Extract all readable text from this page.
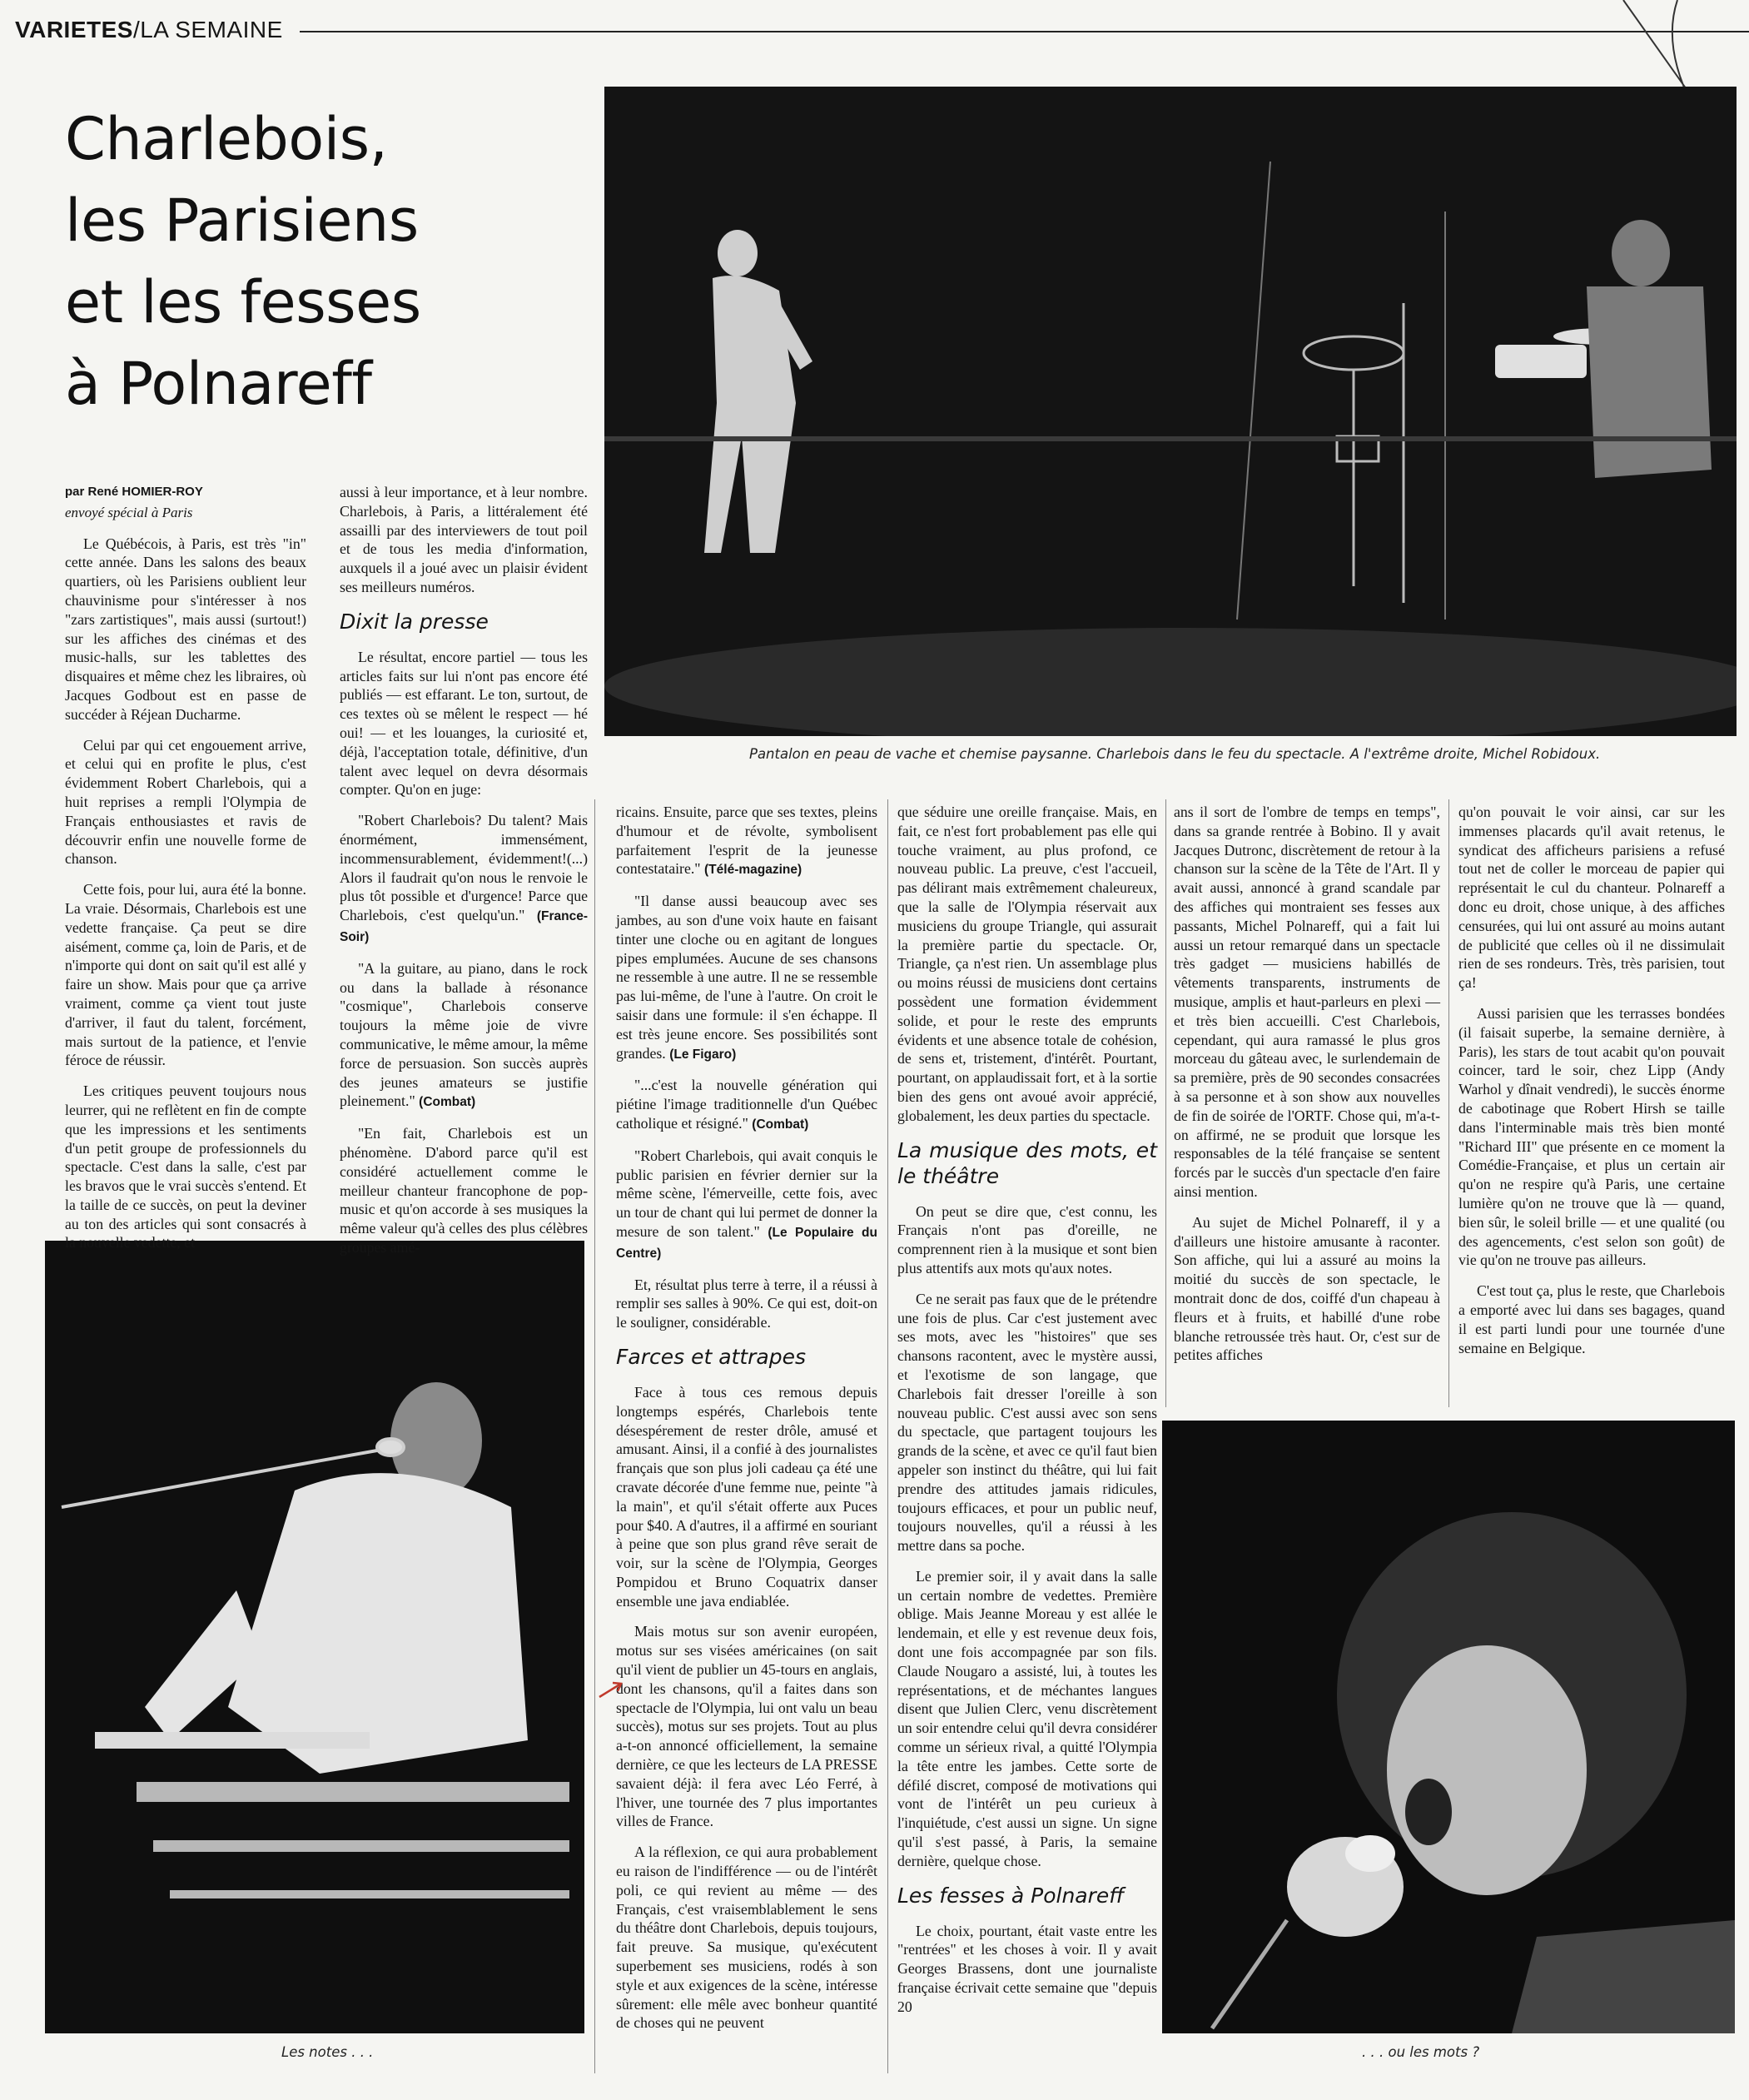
VARIETES/LA SEMAINE
Charlebois,
les Parisiens
et les fesses
à Polnareff
Pantalon en peau de vache et chemise paysanne. Charlebois dans le feu du spectacle. A l'extrême droite, Michel Robidoux.
Les notes . . .	. . . ou les mots ?
par René HOMIER-ROY
envoyé spécial à Paris

Le Québécois, à Paris, est très "in" cette année. Dans les salons des beaux quartiers, où les Parisiens oublient leur chauvinisme pour s'intéresser à nos "zars zartistiques", mais aussi (surtout!) sur les affiches des cinémas et des music-halls, sur les tablettes des disquaires et même chez les libraires, où Jacques Godbout est en passe de succéder à Réjean Ducharme.

Celui par qui cet engouement arrive, et celui qui en profite le plus, c'est évidemment Robert Charlebois, qui a huit reprises a rempli l'Olympia de Français enthousiastes et ravis de découvrir enfin une nouvelle forme de chanson.

Cette fois, pour lui, aura été la bonne. La vraie. Désormais, Charlebois est une vedette française. Ça peut se dire aisément, comme ça, loin de Paris, et de n'importe qui dont on sait qu'il est allé y faire un show. Mais pour que ça arrive vraiment, comme ça vient tout juste d'arriver, il faut du talent, forcément, mais surtout de la patience, et l'envie féroce de réussir.

Les critiques peuvent toujours nous leurrer, qui ne reflètent en fin de compte que les impressions et les sentiments d'un petit groupe de professionnels du spectacle. C'est dans la salle, c'est par les bravos que le vrai succès s'entend. Et la taille de ce succès, on peut la deviner au ton des articles qui sont consacrés à la nouvelle vedette, et

aussi à leur importance, et à leur nombre. Charlebois, à Paris, a littéralement été assailli par des interviewers de tout poil et de tous les media d'information, auxquels il a joué avec un plaisir évident ses meilleurs numéros.

Dixit la presse

Le résultat, encore partiel — tous les articles faits sur lui n'ont pas encore été publiés — est effarant. Le ton, surtout, de ces textes où se mêlent le respect — hé oui! — et les louanges, la curiosité et, déjà, l'acceptation totale, définitive, d'un talent avec lequel on devra désormais compter. Qu'on en juge:

"Robert Charlebois? Du talent? Mais énormément, immensément, incommensurablement, évidemment!(...) Alors il faudrait qu'on nous le renvoie le plus tôt possible et d'urgence! Parce que Charlebois, c'est quelqu'un." (France-Soir)

"A la guitare, au piano, dans le rock ou dans la ballade à résonance "cosmique", Charlebois conserve toujours la même joie de vivre communicative, le même amour, la même force de persuasion. Son succès auprès des jeunes amateurs se justifie pleinement." (Combat)

"En fait, Charlebois est un phénomène. D'abord parce qu'il est considéré actuellement comme le meilleur chanteur francophone de pop-music et qu'on accorde à ses musiques la même valeur qu'à celles des plus célèbres groupes amé-

ricains. Ensuite, parce que ses textes, pleins d'humour et de révolte, symbolisent parfaitement l'esprit de la jeunesse contestataire." (Télé-magazine)

"Il danse aussi beaucoup avec ses jambes, au son d'une voix haute en faisant tinter une cloche ou en agitant de longues pipes emplumées. Aucune de ses chansons ne ressemble à une autre. Il ne se ressemble pas lui-même, de l'une à l'autre. On croit le saisir dans une formule: il s'en échappe. Il est très jeune encore. Ses possibilités sont grandes. (Le Figaro)

"...c'est la nouvelle génération qui piétine l'image traditionnelle d'un Québec catholique et résigné." (Combat)

"Robert Charlebois, qui avait conquis le public parisien en février dernier sur la même scène, l'émerveille, cette fois, avec un tour de chant qui lui permet de donner la mesure de son talent." (Le Populaire du Centre)

Et, résultat plus terre à terre, il a réussi à remplir ses salles à 90%. Ce qui est, doit-on le souligner, considérable.

Farces et attrapes

Face à tous ces remous depuis longtemps espérés, Charlebois tente désespérement de rester drôle, amusé et amusant. Ainsi, il a confié à des journalistes français que son plus joli cadeau ça été une cravate décorée d'une femme nue, peinte "à la main", et qu'il s'était offerte aux Puces pour $40. A d'autres, il a affirmé en souriant à peine que son plus grand rêve serait de voir, sur la scène de l'Olympia, Georges Pompidou et Bruno Coquatrix danser ensemble une java endiablée.

Mais motus sur son avenir européen, motus sur ses visées américaines (on sait qu'il vient de publier un 45-tours en anglais, dont les chansons, qu'il a faites dans son spectacle de l'Olympia, lui ont valu un beau succès), motus sur ses projets. Tout au plus a-t-on annoncé officiellement, la semaine dernière, ce que les lecteurs de LA PRESSE savaient déjà: il fera avec Léo Ferré, à l'hiver, une tournée des 7 plus importantes villes de France.

A la réflexion, ce qui aura probablement eu raison de l'indifférence — ou de l'intérêt poli, ce qui revient au même — des Français, c'est vraisemblablement le sens du théâtre dont Charlebois, depuis toujours, fait preuve. Sa musique, qu'exécutent superbement ses musiciens, rodés à son style et aux exigences de la scène, intéresse sûrement: elle mêle avec bonheur quantité de choses qui ne peuvent

que séduire une oreille française. Mais, en fait, ce n'est fort probablement pas elle qui touche vraiment, au plus profond, ce nouveau public. La preuve, c'est l'accueil, pas délirant mais extrêmement chaleureux, que la salle de l'Olympia réservait aux musiciens du groupe Triangle, qui assurait la première partie du spectacle. Or, Triangle, ça n'est rien. Un assemblage plus ou moins réussi de musiciens dont certains possèdent une formation évidemment solide, et pour le reste des emprunts évidents et une absence totale de cohésion, de sens et, tristement, d'intérêt. Pourtant, pourtant, on applaudissait fort, et à la sortie bien des gens ont avoué avoir apprécié, globalement, les deux parties du spectacle.

La musique des mots, et le théâtre

On peut se dire que, c'est connu, les Français n'ont pas d'oreille, ne comprennent rien à la musique et sont bien plus attentifs aux mots qu'aux notes.

Ce ne serait pas faux que de le prétendre une fois de plus. Car c'est justement avec ses mots, avec les "histoires" que ses chansons racontent, avec le mystère aussi, et l'exotisme de son langage, que Charlebois fait dresser l'oreille à son nouveau public. C'est aussi avec son sens du spectacle, que partagent toujours les grands de la scène, et avec ce qu'il faut bien appeler son instinct du théâtre, qui lui fait prendre des attitudes jamais ridicules, toujours efficaces, et pour un public neuf, toujours nouvelles, qu'il a réussi à les mettre dans sa poche.

Le premier soir, il y avait dans la salle un certain nombre de vedettes. Première oblige. Mais Jeanne Moreau y est allée le lendemain, et elle y est revenue deux fois, dont une fois accompagnée par son fils. Claude Nougaro a assisté, lui, à toutes les représentations, et de méchantes langues disent que Julien Clerc, venu discrètement un soir entendre celui qu'il devra considérer comme un sérieux rival, a quitté l'Olympia la tête entre les jambes. Cette sorte de défilé discret, composé de motivations qui vont de l'intérêt un peu curieux à l'inquiétude, c'est aussi un signe. Un signe qu'il s'est passé, à Paris, la semaine dernière, quelque chose.

Les fesses à Polnareff

Le choix, pourtant, était vaste entre les "rentrées" et les choses à voir. Il y avait Georges Brassens, dont une journaliste française écrivait cette semaine que "depuis 20

ans il sort de l'ombre de temps en temps", dans sa grande rentrée à Bobino. Il y avait Jacques Dutronc, discrètement de retour à la chanson sur la scène de la Tête de l'Art. Il y avait aussi, annoncé à grand scandale par des affiches qui montraient ses fesses aux passants, Michel Polnareff, qui a fait lui aussi un retour remarqué dans un spectacle très gadget — musiciens habillés de vêtements transparents, instruments de musique, amplis et haut-parleurs en plexi — et très bien accueilli. C'est Charlebois, cependant, qui aura ramassé le plus gros morceau du gâteau avec, le surlendemain de sa première, près de 90 secondes consacrées à sa personne et à son show aux nouvelles de fin de soirée de l'ORTF. Chose qui, m'a-t-on affirmé, ne se produit que lorsque les responsables de la télé française se sentent forcés par le succès d'un spectacle d'en faire ainsi mention.

Au sujet de Michel Polnareff, il y a d'ailleurs une histoire amusante à raconter. Son affiche, qui lui a assuré au moins la moitié du succès de son spectacle, le montrait donc de dos, coiffé d'un chapeau à fleurs et à fruits, et habillé d'une robe blanche retroussée très haut. Or, c'est sur de petites affiches

qu'on pouvait le voir ainsi, car sur les immenses placards qu'il avait retenus, le syndicat des afficheurs parisiens a refusé tout net de coller le morceau de papier qui représentait le cul du chanteur. Polnareff a donc eu droit, chose unique, à des affiches censurées, qui lui ont assuré au moins autant de publicité que celles où il ne dissimulait rien de ses rondeurs. Très, très parisien, tout ça!

Aussi parisien que les terrasses bondées (il faisait superbe, la semaine dernière, à Paris), les stars de tout acabit qu'on pouvait coincer, tard le soir, chez Lipp (Andy Warhol y dînait vendredi), le succès énorme de cabotinage que Robert Hirsh se taille dans l'interminable mais très bien monté "Richard III" que présente en ce moment la Comédie-Française, et plus un certain air qu'on ne respire qu'à Paris, une certaine lumière qu'on ne trouve que là — quand, bien sûr, le soleil brille — et une qualité (ou des agencements, c'est selon son goût) de vie qu'on ne trouve pas ailleurs.

C'est tout ça, plus le reste, que Charlebois a emporté avec lui dans ses bagages, quand il est parti lundi pour une tournée d'une semaine en Belgique.
